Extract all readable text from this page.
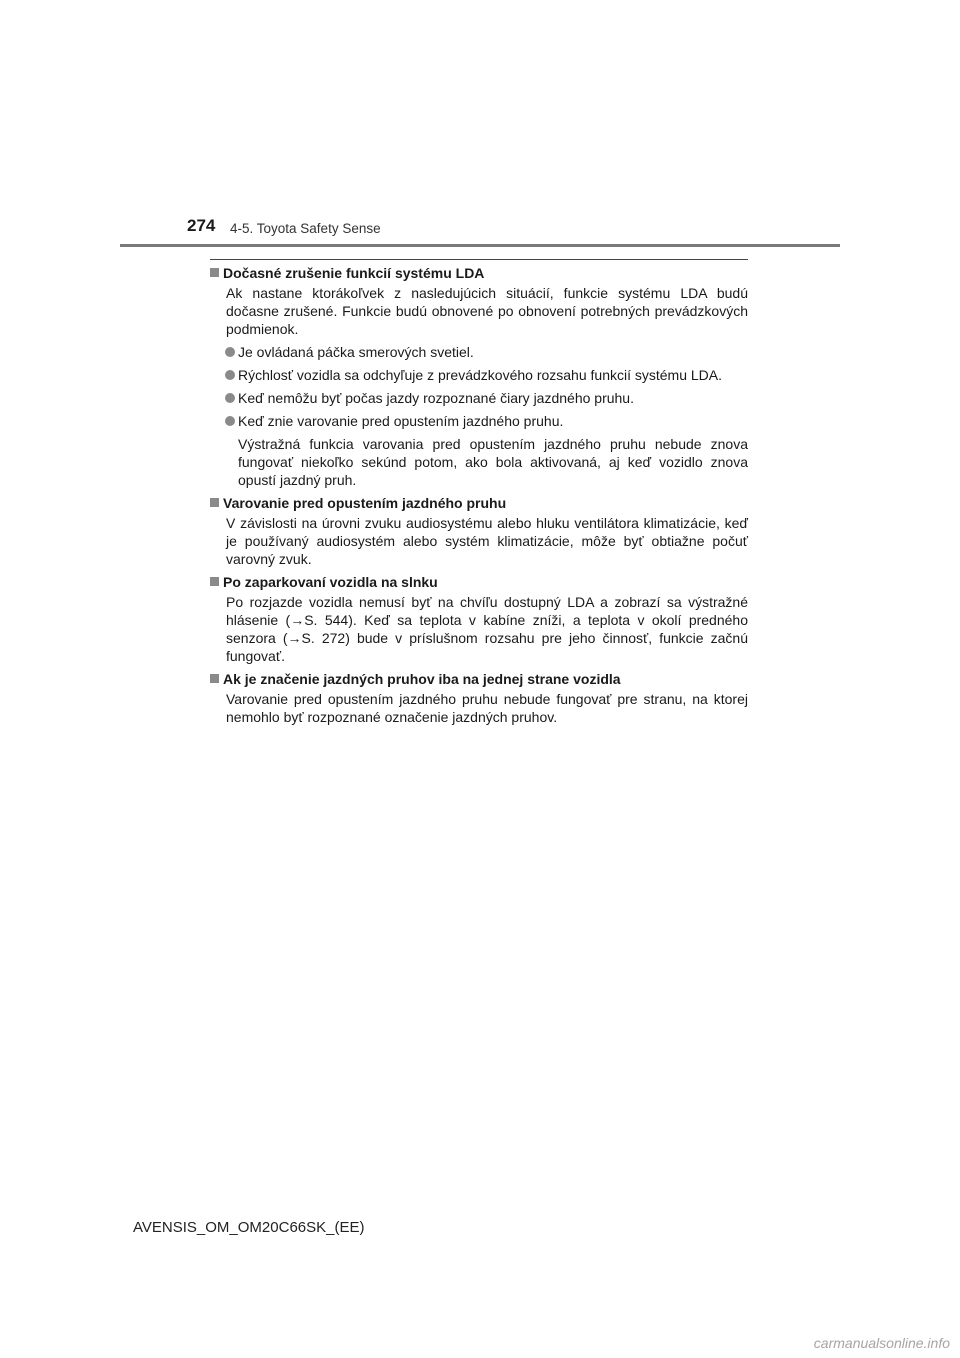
274 4-5. Toyota Safety Sense
Dočasné zrušenie funkcií systému LDA
Ak nastane ktorákoľvek z nasledujúcich situácií, funkcie systému LDA budú dočasne zrušené. Funkcie budú obnovené po obnovení potrebných prevádzkových podmienok.
Je ovládaná páčka smerových svetiel.
Rýchlosť vozidla sa odchyľuje z prevádzkového rozsahu funkcií systému LDA.
Keď nemôžu byť počas jazdy rozpoznané čiary jazdného pruhu.
Keď znie varovanie pred opustením jazdného pruhu.
Výstražná funkcia varovania pred opustením jazdného pruhu nebude znova fungovať niekoľko sekúnd potom, ako bola aktivovaná, aj keď vozidlo znova opustí jazdný pruh.
Varovanie pred opustením jazdného pruhu
V závislosti na úrovni zvuku audiosystému alebo hluku ventilátora klimatizácie, keď je používaný audiosystém alebo systém klimatizácie, môže byť obtiažne počuť varovný zvuk.
Po zaparkovaní vozidla na slnku
Po rozjazde vozidla nemusí byť na chvíľu dostupný LDA a zobrazí sa výstražné hlásenie (→S. 544). Keď sa teplota v kabíne zníži, a teplota v okolí predného senzora (→S. 272) bude v príslušnom rozsahu pre jeho činnosť, funkcie začnú fungovať.
Ak je značenie jazdných pruhov iba na jednej strane vozidla
Varovanie pred opustením jazdného pruhu nebude fungovať pre stranu, na ktorej nemohlo byť rozpoznané označenie jazdných pruhov.
AVENSIS_OM_OM20C66SK_(EE)
carmanualsonline.info
